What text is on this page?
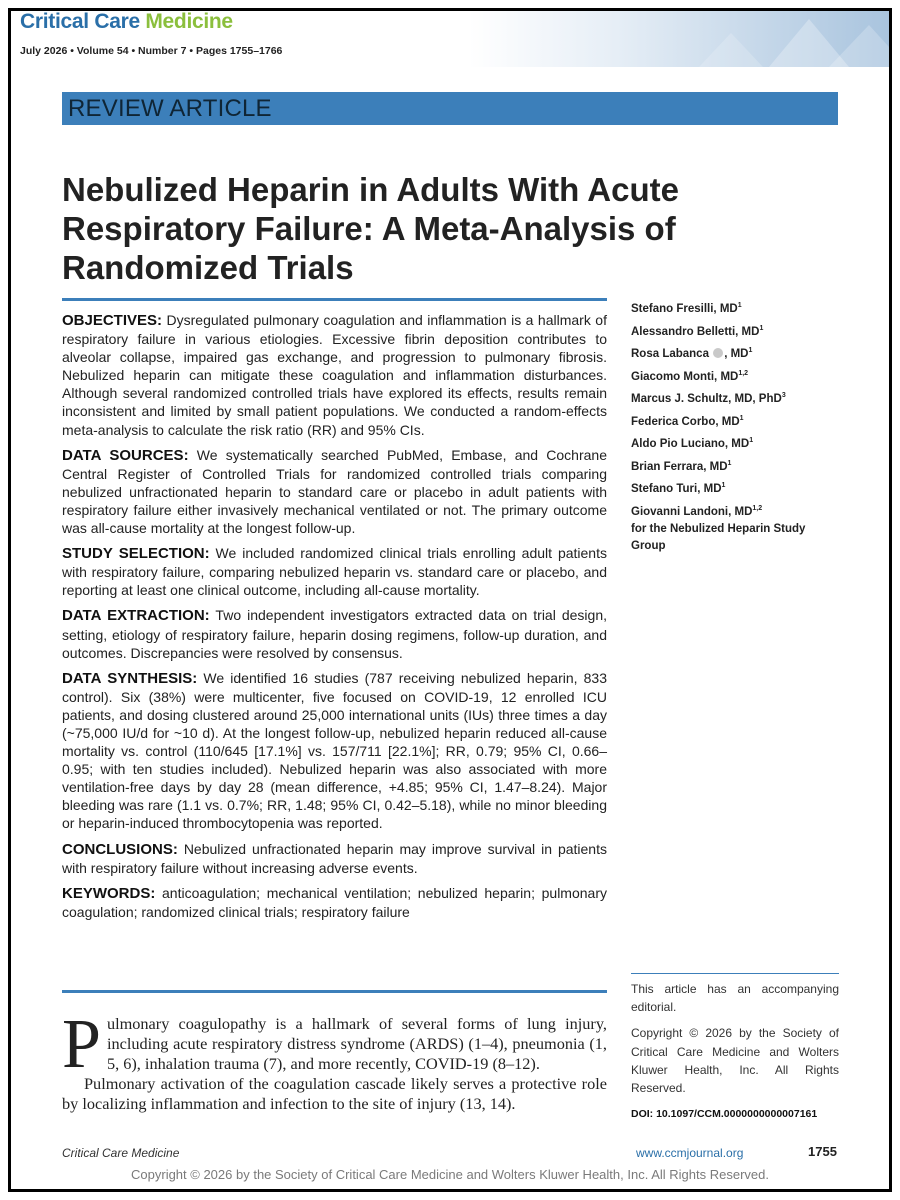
Critical Care Medicine
July 2026 • Volume 54 • Number 7 • Pages 1755–1766
REVIEW ARTICLE
Nebulized Heparin in Adults With Acute Respiratory Failure: A Meta-Analysis of Randomized Trials

OBJECTIVES: Dysregulated pulmonary coagulation and inflammation is a hallmark of respiratory failure in various etiologies. Excessive fibrin deposition contributes to alveolar collapse, impaired gas exchange, and progression to pulmonary fibrosis. Nebulized heparin can mitigate these coagulation and inflammation disturbances. Although several randomized controlled trials have explored its effects, results remain inconsistent and limited by small patient populations. We conducted a random-effects meta-analysis to calculate the risk ratio (RR) and 95% CIs.

DATA SOURCES: We systematically searched PubMed, Embase, and Cochrane Central Register of Controlled Trials for randomized controlled trials comparing nebulized unfractionated heparin to standard care or placebo in adult patients with respiratory failure either invasively mechanical ventilated or not. The primary outcome was all-cause mortality at the longest follow-up.

STUDY SELECTION: We included randomized clinical trials enrolling adult patients with respiratory failure, comparing nebulized heparin vs. standard care or placebo, and reporting at least one clinical outcome, including all-cause mortality.

DATA EXTRACTION: Two independent investigators extracted data on trial design, setting, etiology of respiratory failure, heparin dosing regimens, follow-up duration, and outcomes. Discrepancies were resolved by consensus.

DATA SYNTHESIS: We identified 16 studies (787 receiving nebulized heparin, 833 control). Six (38%) were multicenter, five focused on COVID-19, 12 enrolled ICU patients, and dosing clustered around 25,000 international units (IUs) three times a day (~75,000 IU/d for ~10 d). At the longest follow-up, nebulized heparin reduced all-cause mortality vs. control (110/645 [17.1%] vs. 157/711 [22.1%]; RR, 0.79; 95% CI, 0.66–0.95; with ten studies included). Nebulized heparin was also associated with more ventilation-free days by day 28 (mean difference, +4.85; 95% CI, 1.47–8.24). Major bleeding was rare (1.1 vs. 0.7%; RR, 1.48; 95% CI, 0.42–5.18), while no minor bleeding or heparin-induced thrombocytopenia was reported.

CONCLUSIONS: Nebulized unfractionated heparin may improve survival in patients with respiratory failure without increasing adverse events.

KEYWORDS: anticoagulation; mechanical ventilation; nebulized heparin; pulmonary coagulation; randomized clinical trials; respiratory failure

Stefano Fresilli, $MD^1$
Alessandro Belletti, $MD^1$
Rosa Labanca , $MD^1$
Giacomo Monti, MD$^{1,2}$
Marcus J. Schultz, MD, PhD$^3$
Federica Corbo, $MD^1$
Aldo Pio Luciano, $MD^1$
Brian Ferrara, $MD^1$
Stefano Turi, $MD^1$
Giovanni Landoni, MD$^{1,2}$
for the Nebulized Heparin Study Group

This article has an accompanying editorial.

Copyright © 2026 by the Society of Critical Care Medicine and Wolters Kluwer Health, Inc. All Rights Reserved.

DOI: 10.1097/CCM.0000000000007161

Pulmonary coagulopathy is a hallmark of several forms of lung injury, including acute respiratory distress syndrome (ARDS) (1–4), pneumonia (1, 5, 6), inhalation trauma (7), and more recently, COVID-19 (8–12).

Pulmonary activation of the coagulation cascade likely serves a protective role by localizing inflammation and infection to the site of injury (13, 14).

Critical Care Medicine	www.ccmjournal.org	1755
Copyright © 2026 by the Society of Critical Care Medicine and Wolters Kluwer Health, Inc. All Rights Reserved.
